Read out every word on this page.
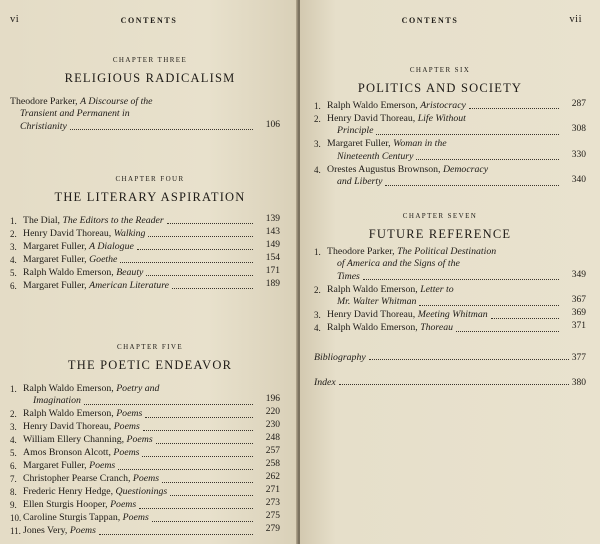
vi	CONTENTS
CHAPTER THREE
RELIGIOUS RADICALISM
Theodore Parker, A Discourse of the
Transient and Permanent in
Christianity	106
CHAPTER FOUR
THE LITERARY ASPIRATION
1. The Dial, The Editors to the Reader	139
2. Henry David Thoreau, Walking	143
3. Margaret Fuller, A Dialogue	149
4. Margaret Fuller, Goethe	154
5. Ralph Waldo Emerson, Beauty	171
6. Margaret Fuller, American Literature	189
CHAPTER FIVE
THE POETIC ENDEAVOR
1. Ralph Waldo Emerson, Poetry and
Imagination	196
2. Ralph Waldo Emerson, Poems	220
3. Henry David Thoreau, Poems	230
4. William Ellery Channing, Poems	248
5. Amos Bronson Alcott, Poems	257
6. Margaret Fuller, Poems	258
7. Christopher Pearse Cranch, Poems	262
8. Frederic Henry Hedge, Questionings	271
9. Ellen Sturgis Hooper, Poems	273
10. Caroline Sturgis Tappan, Poems	275
11. Jones Very, Poems	279
CONTENTS	vii
CHAPTER SIX
POLITICS AND SOCIETY
1. Ralph Waldo Emerson, Aristocracy	287
2. Henry David Thoreau, Life Without
Principle	308
3. Margaret Fuller, Woman in the
Nineteenth Century	330
4. Orestes Augustus Brownson, Democracy
and Liberty	340
CHAPTER SEVEN
FUTURE REFERENCE
1. Theodore Parker, The Political Destination
of America and the Signs of the
Times	349
2. Ralph Waldo Emerson, Letter to
Mr. Walter Whitman	367
3. Henry David Thoreau, Meeting Whitman	369
4. Ralph Waldo Emerson, Thoreau	371
Bibliography	377
Index	380
